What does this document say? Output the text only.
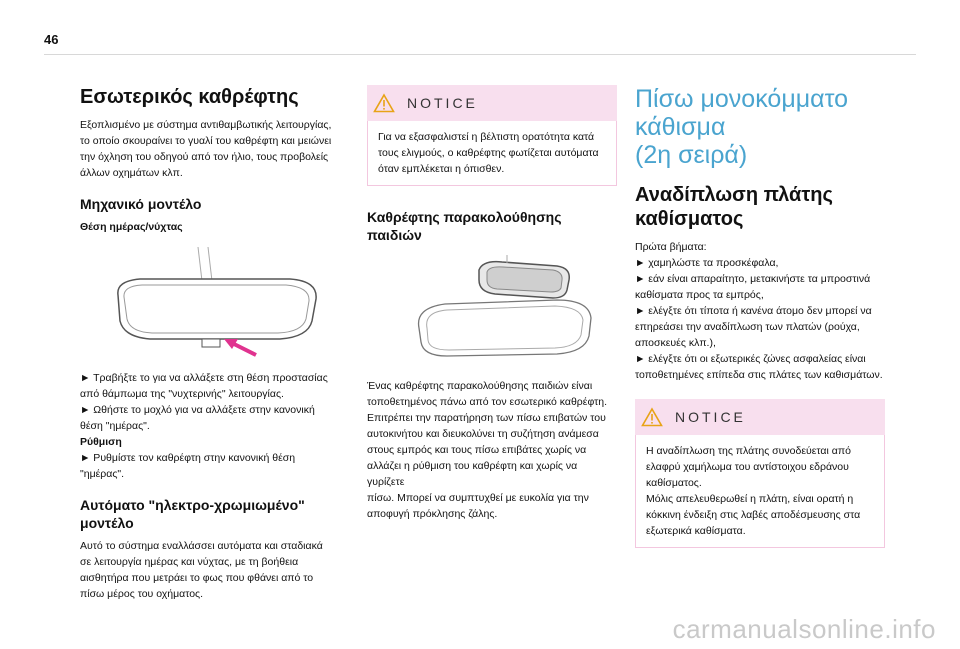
46
Εσωτερικός καθρέφτης

Εξοπλισμένο με σύστημα αντιθαμβωτικής λειτουργίας,

το οποίο σκουραίνει το γυαλί του καθρέφτη και μειώνει

την όχληση του οδηγού από τον ήλιο, τους προβολείς

άλλων οχημάτων κλπ.

Μηχανικό μοντέλο

Θέση ημέρας/νύχτας

► Τραβήξτε το για να αλλάξετε στη θέση προστασίας

από θάμπωμα της "νυχτερινής" λειτουργίας.

► Ωθήστε το μοχλό για να αλλάξετε στην κανονική

θέση "ημέρας".

Ρύθμιση

► Ρυθμίστε τον καθρέφτη στην κανονική θέση

"ημέρας".

Αυτόματο "ηλεκτρο-χρωμιωμένο" μοντέλο

Αυτό το σύστημα εναλλάσσει αυτόματα και σταδιακά

σε λειτουργία ημέρας και νύχτας, με τη βοήθεια

αισθητήρα που μετράει το φως που φθάνει από το

πίσω μέρος του οχήματος.

NOTICE

Για να εξασφαλιστεί η βέλτιστη ορατότητα κατά

τους ελιγμούς, ο καθρέφτης φωτίζεται αυτόματα

όταν εμπλέκεται η όπισθεν.

Καθρέφτης παρακολούθησης παιδιών

Ένας καθρέφτης παρακολούθησης παιδιών είναι

τοποθετημένος πάνω από τον εσωτερικό καθρέφτη.

Επιτρέπει την παρατήρηση των πίσω επιβατών του

αυτοκινήτου και διευκολύνει τη συζήτηση ανάμεσα

στους εμπρός και τους πίσω επιβάτες χωρίς να

αλλάζει η ρύθμιση του καθρέφτη και χωρίς να γυρίζετε

πίσω. Μπορεί να συμπτυχθεί με ευκολία για την

αποφυγή πρόκλησης ζάλης.

Πίσω μονοκόμματο κάθισμα
(2η σειρά)
Αναδίπλωση πλάτης
καθίσματος

Πρώτα βήματα:

► χαμηλώστε τα προσκέφαλα,

► εάν είναι απαραίτητο, μετακινήστε τα μπροστινά

καθίσματα προς τα εμπρός,

► ελέγξτε ότι τίποτα ή κανένα άτομο δεν μπορεί να

επηρεάσει την αναδίπλωση των πλατών (ρούχα,

αποσκευές κλπ.),

► ελέγξτε ότι οι εξωτερικές ζώνες ασφαλείας είναι

τοποθετημένες επίπεδα στις πλάτες των καθισμάτων.

NOTICE

Η αναδίπλωση της πλάτης συνοδεύεται από

ελαφρύ χαμήλωμα του αντίστοιχου εδράνου

καθίσματος.

Μόλις απελευθερωθεί η πλάτη, είναι ορατή η

κόκκινη ένδειξη στις λαβές αποδέσμευσης στα

εξωτερικά καθίσματα.

carmanualsonline.info
